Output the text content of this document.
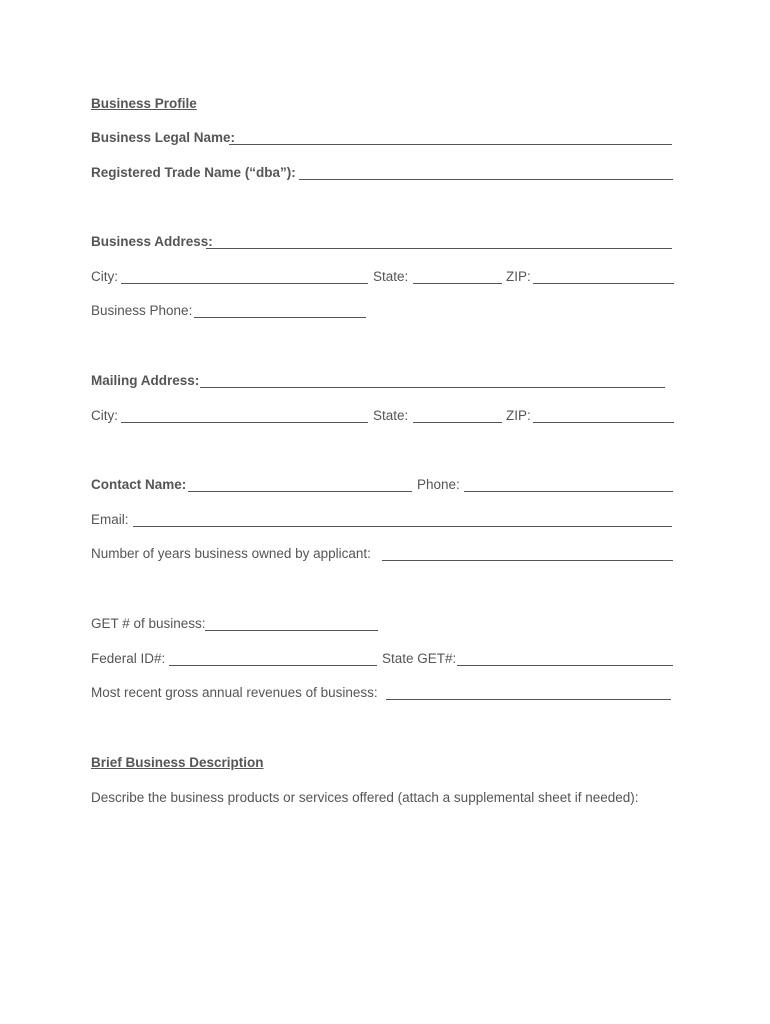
Business Profile
Business Legal Name:
Registered Trade Name (“dba”):
Business Address:
City:	State:	ZIP:
Business Phone:
Mailing Address:
City:	State:	ZIP:
Contact Name:	Phone:
Email:
Number of years business owned by applicant:
GET # of business:
Federal ID#:	State GET#:
Most recent gross annual revenues of business:
Brief Business Description
Describe the business products or services offered (attach a supplemental sheet if needed):
